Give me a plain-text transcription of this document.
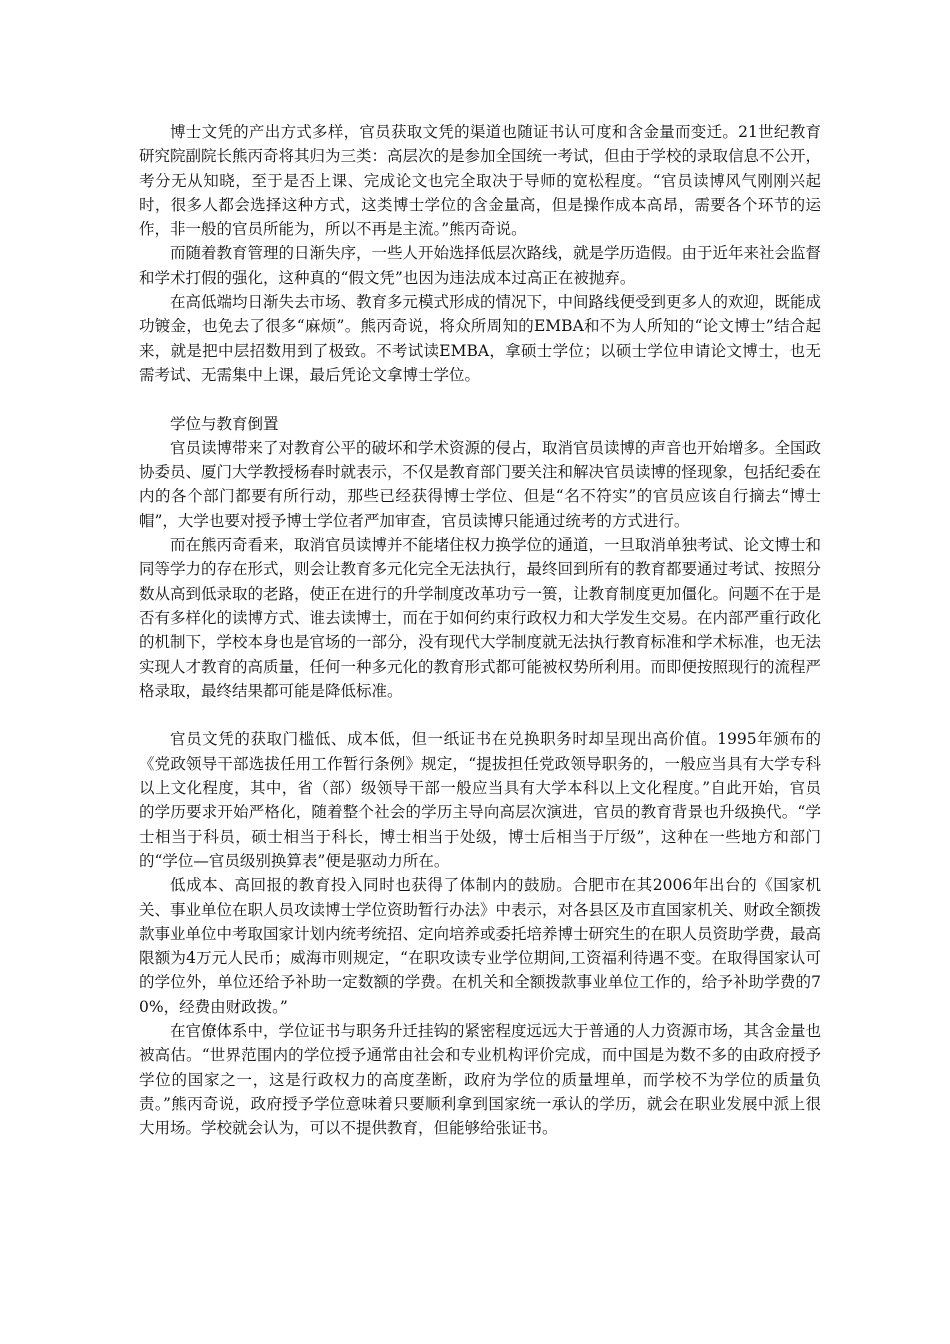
博士文凭的产出方式多样，官员获取文凭的渠道也随证书认可度和含金量而变迁。21世纪教育研究院副院长熊丙奇将其归为三类：高层次的是参加全国统一考试，但由于学校的录取信息不公开，考分无从知晓，至于是否上课、完成论文也完全取决于导师的宽松程度。“官员读博风气刚刚兴起时，很多人都会选择这种方式，这类博士学位的含金量高，但是操作成本高昂，需要各个环节的运作，非一般的官员所能为，所以不再是主流。”熊丙奇说。

而随着教育管理的日渐失序，一些人开始选择低层次路线，就是学历造假。由于近年来社会监督和学术打假的强化，这种真的“假文凭”也因为违法成本过高正在被抛弃。

在高低端均日渐失去市场、教育多元模式形成的情况下，中间路线便受到更多人的欢迎，既能成功镀金，也免去了很多“麻烦”。熊丙奇说，将众所周知的EMBA和不为人所知的“论文博士”结合起来，就是把中层招数用到了极致。不考试读EMBA，拿硕士学位；以硕士学位申请论文博士，也无需考试、无需集中上课，最后凭论文拿博士学位。

学位与教育倒置

官员读博带来了对教育公平的破坏和学术资源的侵占，取消官员读博的声音也开始增多。全国政协委员、厦门大学教授杨春时就表示，不仅是教育部门要关注和解决官员读博的怪现象，包括纪委在内的各个部门都要有所行动，那些已经获得博士学位、但是“名不符实”的官员应该自行摘去“博士帽”，大学也要对授予博士学位者严加审查，官员读博只能通过统考的方式进行。

而在熊丙奇看来，取消官员读博并不能堵住权力换学位的通道，一旦取消单独考试、论文博士和同等学力的存在形式，则会让教育多元化完全无法执行，最终回到所有的教育都要通过考试、按照分数从高到低录取的老路，使正在进行的升学制度改革功亏一篑，让教育制度更加僵化。问题不在于是否有多样化的读博方式、谁去读博士，而在于如何约束行政权力和大学发生交易。在内部严重行政化的机制下，学校本身也是官场的一部分，没有现代大学制度就无法执行教育标准和学术标准，也无法实现人才教育的高质量，任何一种多元化的教育形式都可能被权势所利用。而即便按照现行的流程严格录取，最终结果都可能是降低标准。

官员文凭的获取门槛低、成本低，但一纸证书在兑换职务时却呈现出高价值。1995年颁布的《党政领导干部选拔任用工作暂行条例》规定，“提拔担任党政领导职务的，一般应当具有大学专科以上文化程度，其中，省（部）级领导干部一般应当具有大学本科以上文化程度。”自此开始，官员的学历要求开始严格化，随着整个社会的学历主导向高层次演进，官员的教育背景也升级换代。“学士相当于科员，硕士相当于科长，博士相当于处级，博士后相当于厅级”，这种在一些地方和部门的“学位—官员级别换算表”便是驱动力所在。

低成本、高回报的教育投入同时也获得了体制内的鼓励。合肥市在其2006年出台的《国家机关、事业单位在职人员攻读博士学位资助暂行办法》中表示，对各县区及市直国家机关、财政全额拨款事业单位中考取国家计划内统考统招、定向培养或委托培养博士研究生的在职人员资助学费，最高限额为4万元人民币；威海市则规定，“在职攻读专业学位期间,工资福利待遇不变。在取得国家认可的学位外，单位还给予补助一定数额的学费。在机关和全额拨款事业单位工作的，给予补助学费的70%，经费由财政拨。”

在官僚体系中，学位证书与职务升迁挂钩的紧密程度远远大于普通的人力资源市场，其含金量也被高估。“世界范围内的学位授予通常由社会和专业机构评价完成，而中国是为数不多的由政府授予学位的国家之一，这是行政权力的高度垄断，政府为学位的质量埋单，而学校不为学位的质量负责。”熊丙奇说，政府授予学位意味着只要顺利拿到国家统一承认的学历，就会在职业发展中派上很大用场。学校就会认为，可以不提供教育，但能够给张证书。
